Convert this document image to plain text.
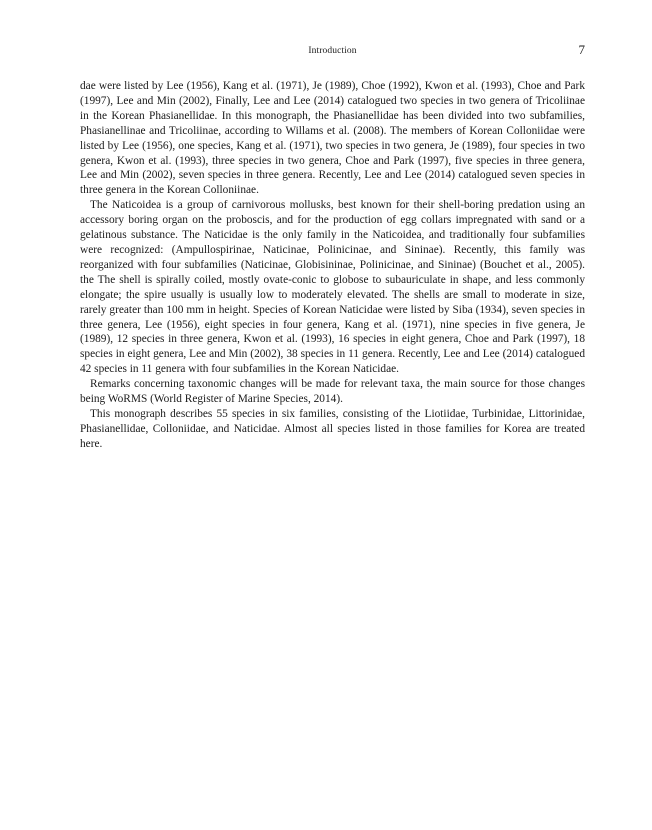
Introduction	7

dae were listed by Lee (1956), Kang et al. (1971), Je (1989), Choe (1992), Kwon et al. (1993), Choe and Park (1997), Lee and Min (2002), Finally, Lee and Lee (2014) catalogued two species in two genera of Tricoliinae in the Korean Phasianellidae. In this monograph, the Phasianellidae has been divided into two subfamilies, Phasianellinae and Tricoliinae, according to Willams et al. (2008). The members of Korean Colloniidae were listed by Lee (1956), one species, Kang et al. (1971), two species in two genera, Je (1989), four species in two genera, Kwon et al. (1993), three species in two genera, Choe and Park (1997), five species in three genera, Lee and Min (2002), seven species in three genera. Recently, Lee and Lee (2014) catalogued seven species in three genera in the Korean Colloniinae.

The Naticoidea is a group of carnivorous mollusks, best known for their shell-boring predation using an accessory boring organ on the proboscis, and for the production of egg collars impregnated with sand or a gelatinous substance. The Naticidae is the only family in the Naticoidea, and traditionally four subfamilies were recognized: (Ampullospirinae, Naticinae, Polinicinae, and Sininae). Recently, this family was reorganized with four subfamilies (Naticinae, Globisininae, Polinicinae, and Sininae) (Bouchet et al., 2005). the The shell is spirally coiled, mostly ovate-conic to globose to subauriculate in shape, and less commonly elongate; the spire usually is usually low to moderately elevated. The shells are small to moderate in size, rarely greater than 100 mm in height. Species of Korean Naticidae were listed by Siba (1934), seven species in three genera, Lee (1956), eight species in four genera, Kang et al. (1971), nine species in five genera, Je (1989), 12 species in three genera, Kwon et al. (1993), 16 species in eight genera, Choe and Park (1997), 18 species in eight genera, Lee and Min (2002), 38 species in 11 genera. Recently, Lee and Lee (2014) catalogued 42 species in 11 genera with four subfamilies in the Korean Naticidae.

Remarks concerning taxonomic changes will be made for relevant taxa, the main source for those changes being WoRMS (World Register of Marine Species, 2014).

This monograph describes 55 species in six families, consisting of the Liotiidae, Turbinidae, Littorinidae, Phasianellidae, Colloniidae, and Naticidae. Almost all species listed in those families for Korea are treated here.
